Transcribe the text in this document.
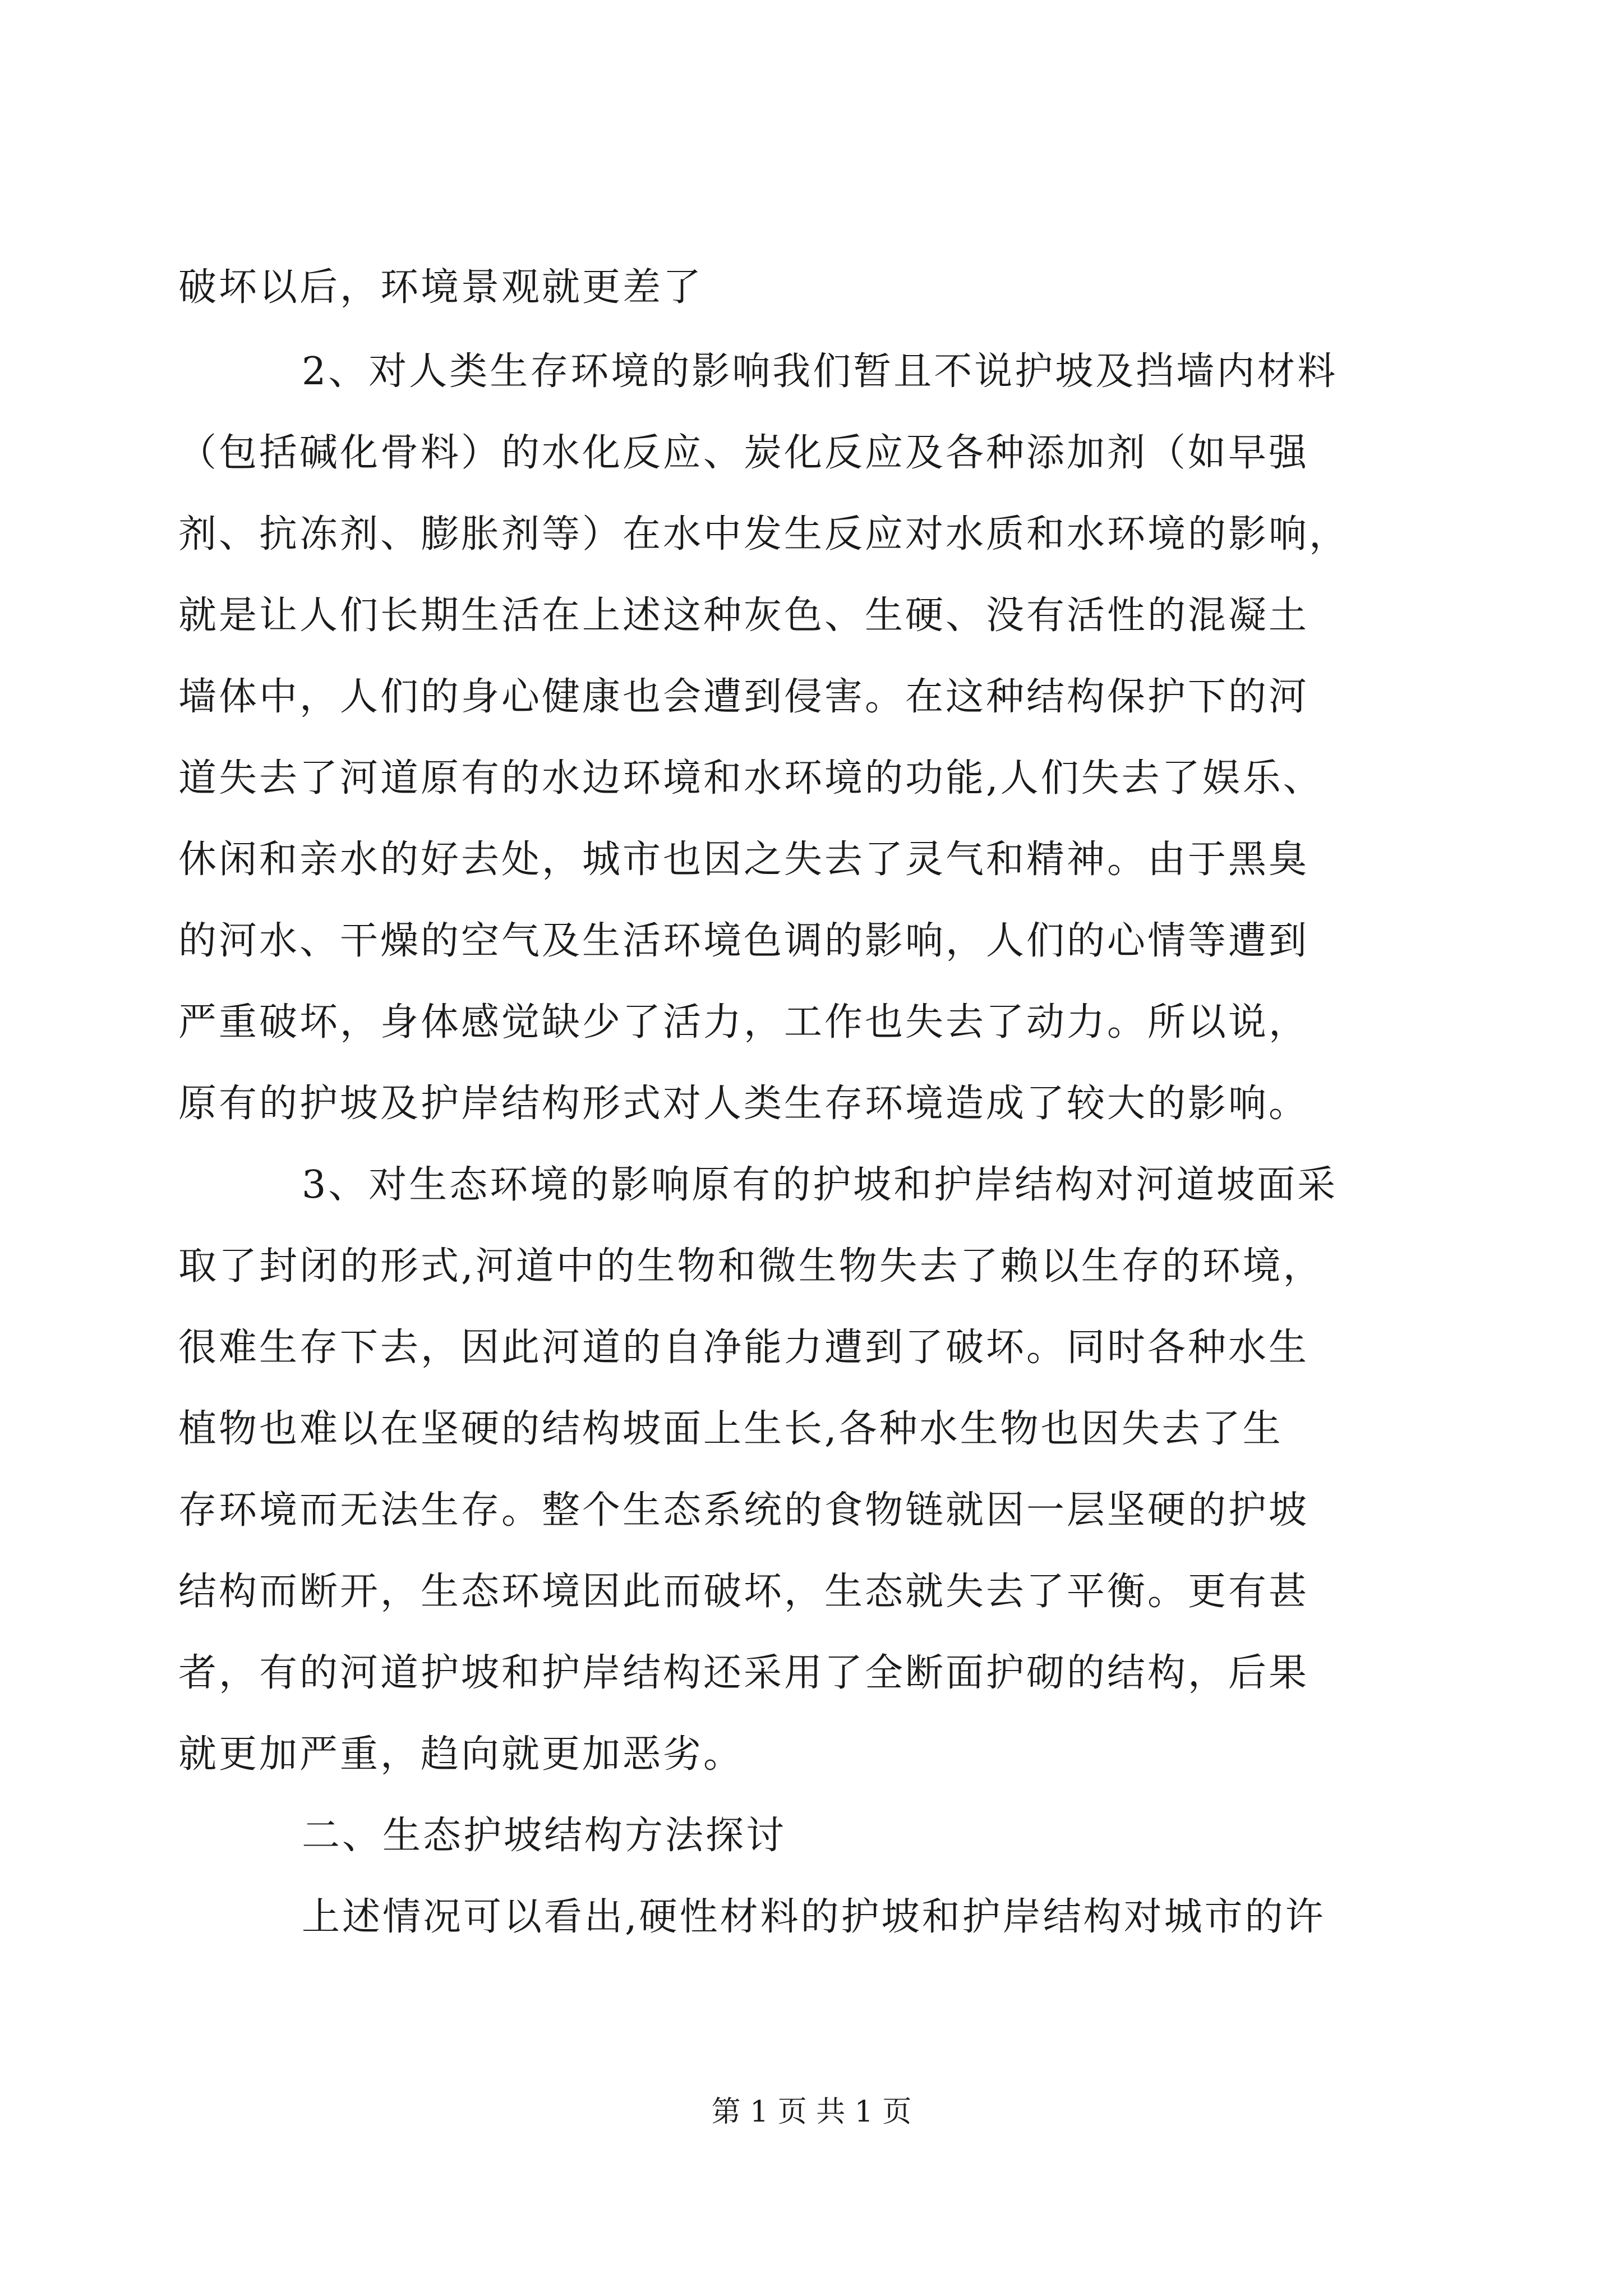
破坏以后，环境景观就更差了
2、对人类生存环境的影响我们暂且不说护坡及挡墙内材料
（包括碱化骨料）的水化反应、炭化反应及各种添加剂（如早强
剂、抗冻剂、膨胀剂等）在水中发生反应对水质和水环境的影响，
就是让人们长期生活在上述这种灰色、生硬、没有活性的混凝土
墙体中，人们的身心健康也会遭到侵害。在这种结构保护下的河
道失去了河道原有的水边环境和水环境的功能,人们失去了娱乐、
休闲和亲水的好去处，城市也因之失去了灵气和精神。由于黑臭
的河水、干燥的空气及生活环境色调的影响，人们的心情等遭到
严重破坏，身体感觉缺少了活力，工作也失去了动力。所以说，
原有的护坡及护岸结构形式对人类生存环境造成了较大的影响。
3、对生态环境的影响原有的护坡和护岸结构对河道坡面采
取了封闭的形式,河道中的生物和微生物失去了赖以生存的环境，
很难生存下去，因此河道的自净能力遭到了破坏。同时各种水生
植物也难以在坚硬的结构坡面上生长,各种水生物也因失去了生
存环境而无法生存。整个生态系统的食物链就因一层坚硬的护坡
结构而断开，生态环境因此而破坏，生态就失去了平衡。更有甚
者，有的河道护坡和护岸结构还采用了全断面护砌的结构，后果
就更加严重，趋向就更加恶劣。
二、生态护坡结构方法探讨
上述情况可以看出,硬性材料的护坡和护岸结构对城市的许
第 1 页 共 1 页
